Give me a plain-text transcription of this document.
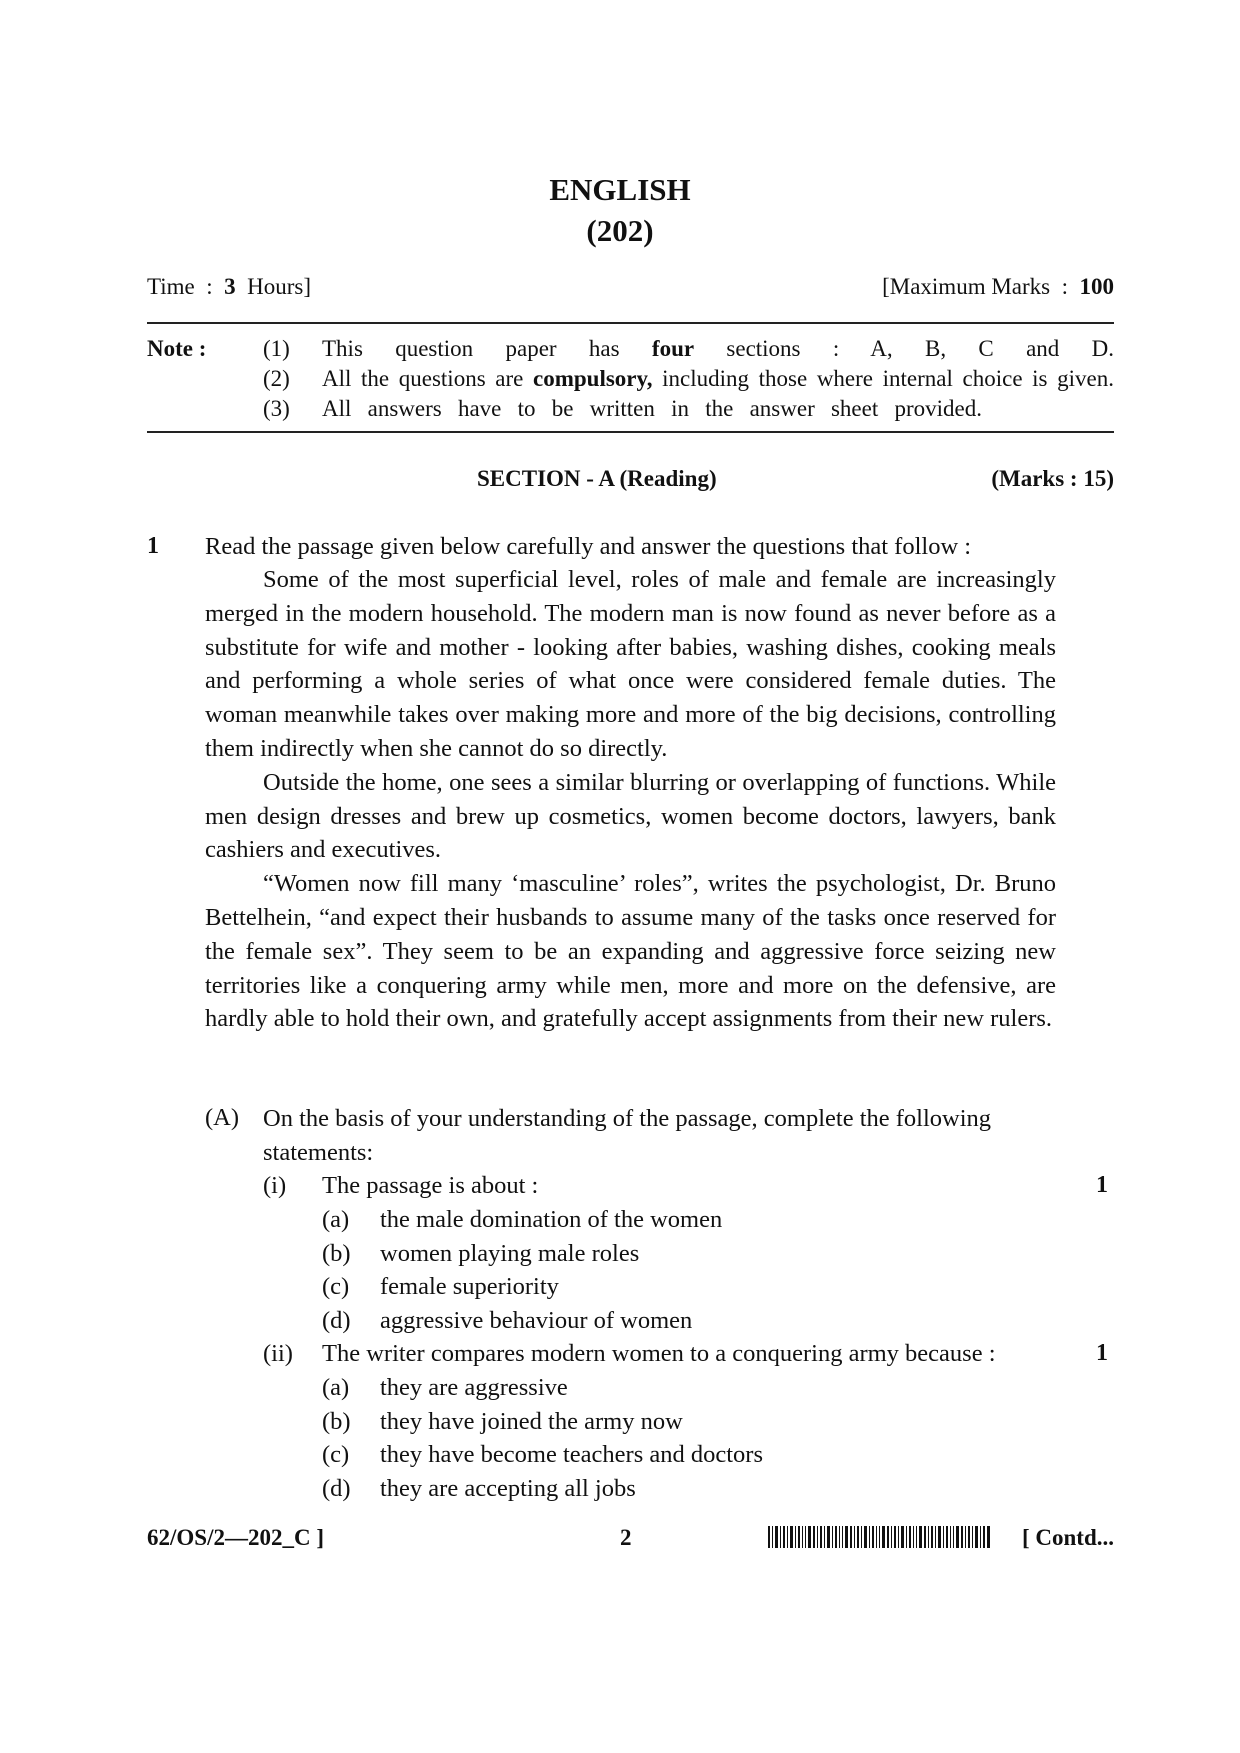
ENGLISH
(202)
Time : 3 Hours]	[Maximum Marks : 100
Note : (1) This question paper has four sections : A, B, C and D.
(2) All the questions are compulsory, including those where internal choice is given.
(3) All answers have to be written in the answer sheet provided.
SECTION - A (Reading)	(Marks : 15)
1 Read the passage given below carefully and answer the questions that follow :
Some of the most superficial level, roles of male and female are increasingly merged in the modern household. The modern man is now found as never before as a substitute for wife and mother - looking after babies, washing dishes, cooking meals and performing a whole series of what once were considered female duties. The woman meanwhile takes over making more and more of the big decisions, controlling them indirectly when she cannot do so directly.
Outside the home, one sees a similar blurring or overlapping of functions. While men design dresses and brew up cosmetics, women become doctors, lawyers, bank cashiers and executives.
“Women now fill many ‘masculine’ roles”, writes the psychologist, Dr. Bruno Bettelhein, “and expect their husbands to assume many of the tasks once reserved for the female sex”. They seem to be an expanding and aggressive force seizing new territories like a conquering army while men, more and more on the defensive, are hardly able to hold their own, and gratefully accept assignments from their new rulers.
(A) On the basis of your understanding of the passage, complete the following statements:
(i) The passage is about :	1
(a) the male domination of the women
(b) women playing male roles
(c) female superiority
(d) aggressive behaviour of women
(ii) The writer compares modern women to a conquering army because :	1
(a) they are aggressive
(b) they have joined the army now
(c) they have become teachers and doctors
(d) they are accepting all jobs
62/OS/2—202_C ]	2	[ Contd...
